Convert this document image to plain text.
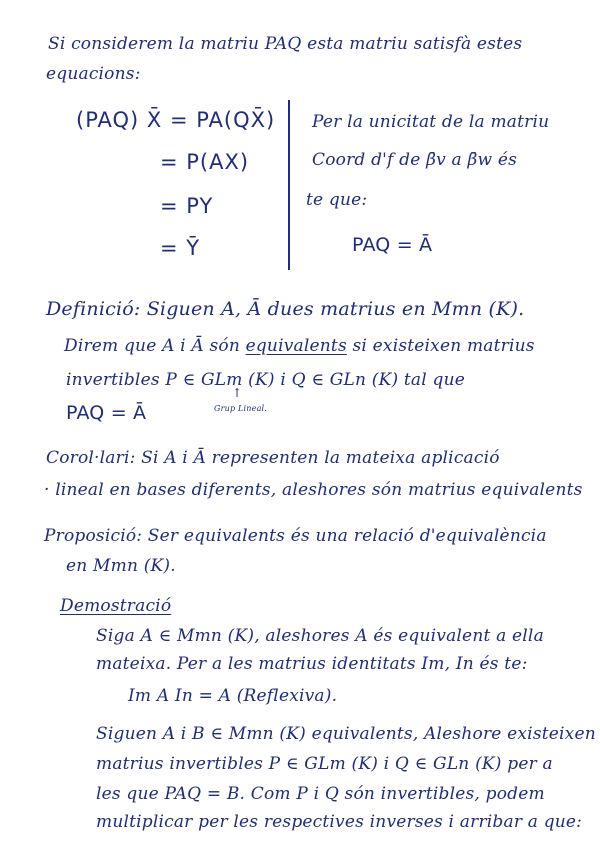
Si considerem la matriu PAQ esta matriu satisfà estes
equacions:
(PAQ) X̄ = PA(QX̄)
= P(AX)
= PY
= Ȳ
Per la unicitat de la matriu
Coord d'f de β̄v a β̄w és
te que:
PAQ = Ā
Definició: Siguen A, Ā dues matrius en Mmn (K).
Direm que A i Ā són equivalents si existeixen matrius
invertibles P ∈ GLm (K) i Q ∈ GLn (K) tal que
PAQ = Ā
↑
Grup Lineal.
Corol·lari: Si A i Ā representen la mateixa aplicació
· lineal en bases diferents, aleshores són matrius equivalents
Proposició: Ser equivalents és una relació d'equivalència
en Mmn (K).
Demostració
Siga A ∈ Mmn (K), aleshores A és equivalent a ella
mateixa. Per a les matrius identitats Im, In és te:
Im A In = A (Reflexiva).
Siguen A i B ∈ Mmn (K) equivalents, Aleshore existeixen
matrius invertibles P ∈ GLm (K) i Q ∈ GLn (K) per a
les que PAQ = B. Com P i Q són invertibles, podem
multiplicar per les respectives inverses i arribar a que:
